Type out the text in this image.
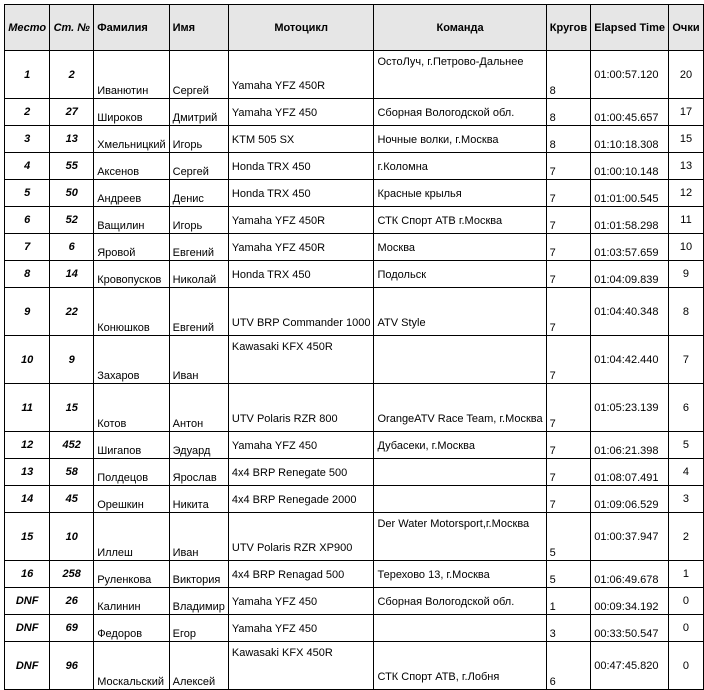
Место	Ст. №	Фамилия	Имя	Мотоцикл	Команда	Кругов	Elapsed Time	Очки
1	2	Иванютин	Сергей	Yamaha YFZ 450R	ОстоЛуч, г.Петрово-Дальнее	8	01:00:57.120	20
2	27	Широков	Дмитрий	Yamaha YFZ 450	Сборная Вологодской обл.	8	01:00:45.657	17
3	13	Хмельницкий	Игорь	KTM 505 SX	Ночные волки, г.Москва	8	01:10:18.308	15
4	55	Аксенов	Сергей	Honda TRX 450	г.Коломна	7	01:00:10.148	13
5	50	Андреев	Денис	Honda TRX 450	Красные крылья	7	01:01:00.545	12
6	52	Ващилин	Игорь	Yamaha YFZ 450R	СТК Спорт АТВ г.Москва	7	01:01:58.298	11
7	6	Яровой	Евгений	Yamaha YFZ 450R	Москва	7	01:03:57.659	10
8	14	Кровопусков	Николай	Honda TRX 450	Подольск	7	01:04:09.839	9
9	22	Конюшков	Евгений	UTV BRP Commander 1000	ATV Style	7	01:04:40.348	8
10	9	Захаров	Иван	Kawasaki KFX 450R		7	01:04:42.440	7
11	15	Котов	Антон	UTV Polaris RZR 800	OrangeATV Race Team, г.Москва	7	01:05:23.139	6
12	452	Шигапов	Эдуард	Yamaha YFZ 450	Дубасеки, г.Москва	7	01:06:21.398	5
13	58	Полдецов	Ярослав	4x4 BRP Renegate 500		7	01:08:07.491	4
14	45	Орешкин	Никита	4x4 BRP Renegade 2000		7	01:09:06.529	3
15	10	Иллеш	Иван	UTV Polaris RZR XP900	Der Water Motorsport,г.Москва	5	01:00:37.947	2
16	258	Руленкова	Виктория	4x4 BRP Renagad 500	Терехово 13, г.Москва	5	01:06:49.678	1
DNF	26	Калинин	Владимир	Yamaha YFZ 450	Сборная Вологодской обл.	1	00:09:34.192	0
DNF	69	Федоров	Егор	Yamaha YFZ 450		3	00:33:50.547	0
DNF	96	Москальский	Алексей	Kawasaki KFX 450R	СТК Спорт АТВ, г.Лобня	6	00:47:45.820	0
